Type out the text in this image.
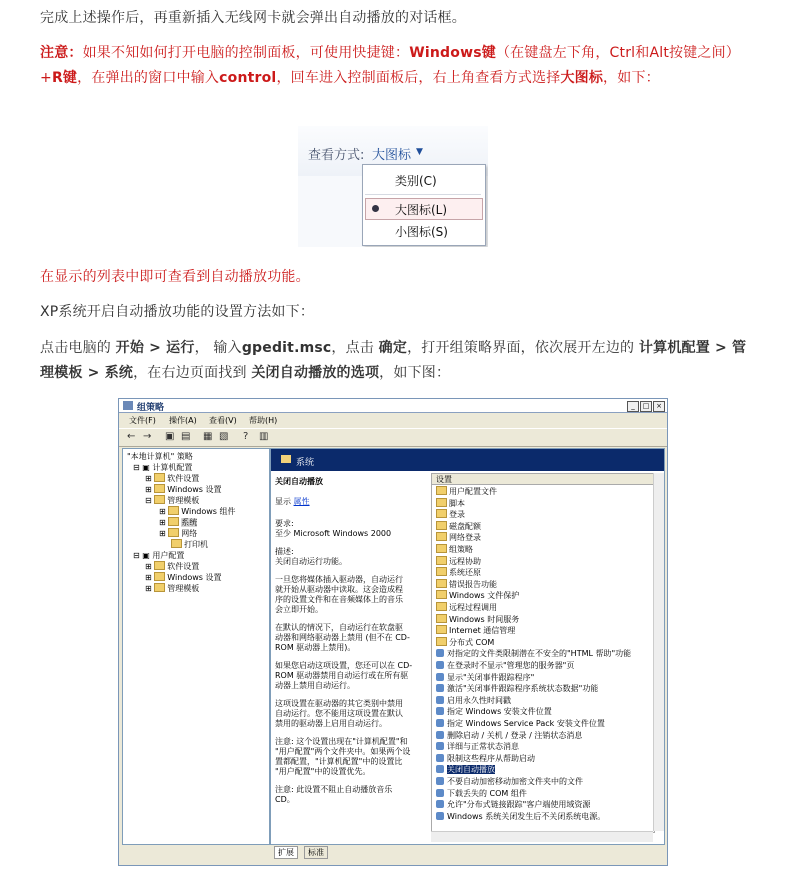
完成上述操作后，再重新插入无线网卡就会弹出自动播放的对话框。
注意：如果不知如何打开电脑的控制面板，可使用快捷键：Windows键（在键盘左下角，Ctrl和Alt按键之间）+R键，在弹出的窗口中输入control，回车进入控制面板后，右上角查看方式选择大图标，如下：
查看方式: 大图标 ▼
类别(C)
大图标(L)
小图标(S)
在显示的列表中即可查看到自动播放功能。
XP系统开启自动播放功能的设置方法如下：
点击电脑的 开始 > 运行， 输入gpedit.msc，点击 确定，打开组策略界面，依次展开左边的 计算机配置 > 管理模板 > 系统，在右边页面找到 关闭自动播放的选项，如下图：
组策略	_	□ ×
文件(F) 操作(A) 查看(V) 帮助(H)
← → ▣ ▤ ▦ ▧ ? ▥
"本地计算机" 策略
⊟ ▣ 计算机配置
⊞ 软件设置
⊞ Windows 设置
⊟ 管理模板
⊞ Windows 组件
⊞ 系统
⊞ 网络
打印机
⊟ ▣ 用户配置
⊞ 软件设置
⊞ Windows 设置
⊞ 管理模板
系统
关闭自动播放
显示 属性
要求:
至少 Microsoft Windows 2000
描述:
关闭自动运行功能。
一旦您将媒体插入驱动器，自动运行
就开始从驱动器中读取。这会造成程
序的设置文件和在音频媒体上的音乐
会立即开始。
在默认的情况下，自动运行在软盘驱
动器和网络驱动器上禁用 (但不在 CD-
ROM 驱动器上禁用)。
如果您启动这项设置，您还可以在 CD-
ROM 驱动器禁用自动运行或在所有驱
动器上禁用自动运行。
这项设置在驱动器的其它类别中禁用
自动运行。您不能用这项设置在默认
禁用的驱动器上启用自动运行。
注意: 这个设置出现在"计算机配置"和
"用户配置"两个文件夹中。如果两个设
置都配置，"计算机配置"中的设置比
"用户配置"中的设置优先。
注意: 此设置不阻止自动播放音乐
CD。
设置
用户配置文件
脚本
登录
磁盘配额
网络登录
组策略
远程协助
系统还原
错误报告功能
Windows 文件保护
远程过程调用
Windows 时间服务
Internet 通信管理
分布式 COM
对指定的文件类限制潜在不安全的"HTML 帮助"功能
在登录时不显示"管理您的服务器"页
显示"关闭事件跟踪程序"
激活"关闭事件跟踪程序系统状态数据"功能
启用永久性时间戳
指定 Windows 安装文件位置
指定 Windows Service Pack 安装文件位置
删除启动 / 关机 / 登录 / 注销状态消息
详细与正常状态消息
限制这些程序从帮助启动
关闭自动播放
不要自动加密移动加密文件夹中的文件
下载丢失的 COM 组件
允许"分布式链接跟踪"客户端使用域资源
Windows 系统关闭发生后不关闭系统电源。
扩展	标准
